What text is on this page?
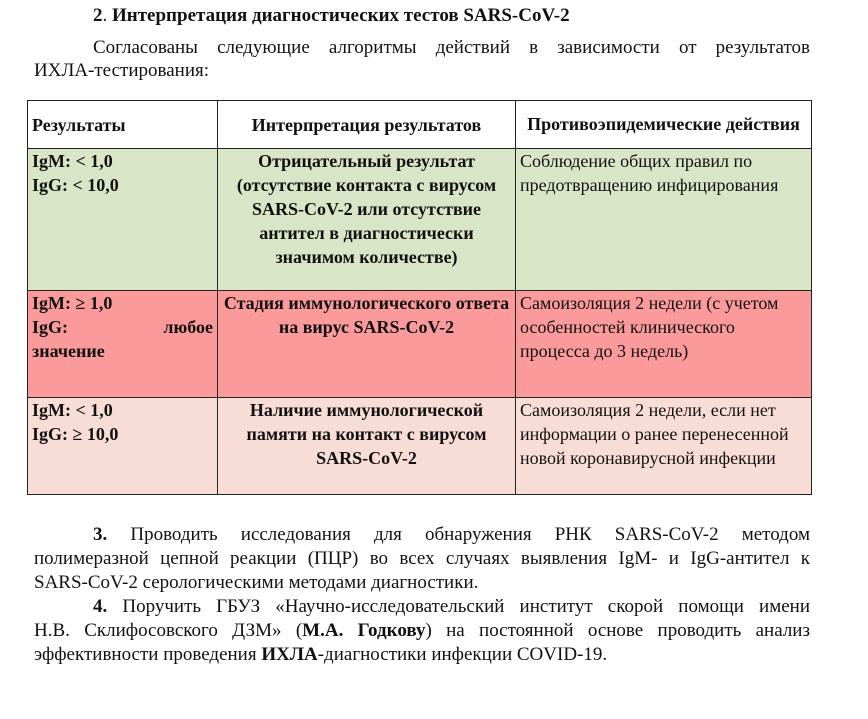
2. Интерпретация диагностических тестов SARS-CoV-2
Согласованы следующие алгоритмы действий в зависимости от результатов
ИХЛА-тестирования:
Результаты	Интерпретация результатов	Противоэпидемические действия

IgM: < 1,0
IgG: < 10,0	Отрицательный результат (отсутствие контакта с вирусом SARS-CoV-2 или отсутствие антител в диагностически значимом количестве)	Соблюдение общих правил по предотвращению инфицирования

IgM: ≥ 1,0
IgG: любое
значение	Стадия иммунологического ответа на вирус SARS-CoV-2	Самоизоляция 2 недели (с учетом особенностей клинического процесса до 3 недель)

IgM: < 1,0
IgG: ≥ 10,0	Наличие иммунологической памяти на контакт с вирусом SARS-CoV-2	Самоизоляция 2 недели, если нет информации о ранее перенесенной новой коронавирусной инфекции
3. Проводить исследования для обнаружения РНК SARS-CoV-2 методом
полимеразной цепной реакции (ПЦР) во всех случаях выявления IgM- и IgG-антител к
SARS-CoV-2 серологическими методами диагностики.
4. Поручить ГБУЗ «Научно-исследовательский институт скорой помощи имени
Н.В. Склифосовского ДЗМ» (М.А. Годкову) на постоянной основе проводить анализ
эффективности проведения ИХЛА-диагностики инфекции COVID-19.
